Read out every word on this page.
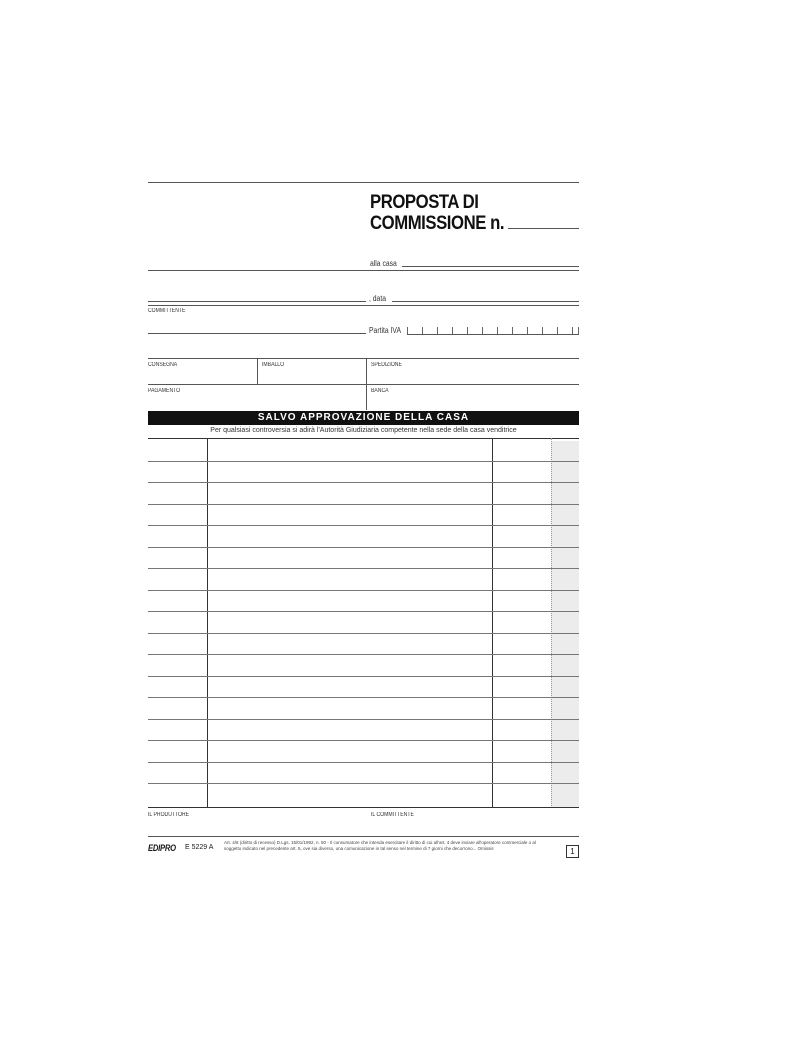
PROPOSTA DI
COMMISSIONE n.
alla casa
, data
COMMITTENTE
Partita IVA
CONSEGNA	IMBALLO	SPEDIZIONE
PAGAMENTO	BANCA
SALVO APPROVAZIONE DELLA CASA
Per qualsiasi controversia si adirà l'Autorità Giudiziaria competente nella sede della casa venditrice
IL PRODUTTORE	IL COMMITTENTE
EDIPRO E 5229 A
Art. 4/8 (diritto di recesso) D.Lgs. 15/01/1992, n. 50 - Il consumatore che intenda esercitare il diritto di cui all'art. 4 deve inviare all'operatore commerciale o al soggetto indicato nel precedente art. 5, ove sia diverso, una comunicazione in tal senso nel termine di 7 giorni che decorrono... Omissis	1
